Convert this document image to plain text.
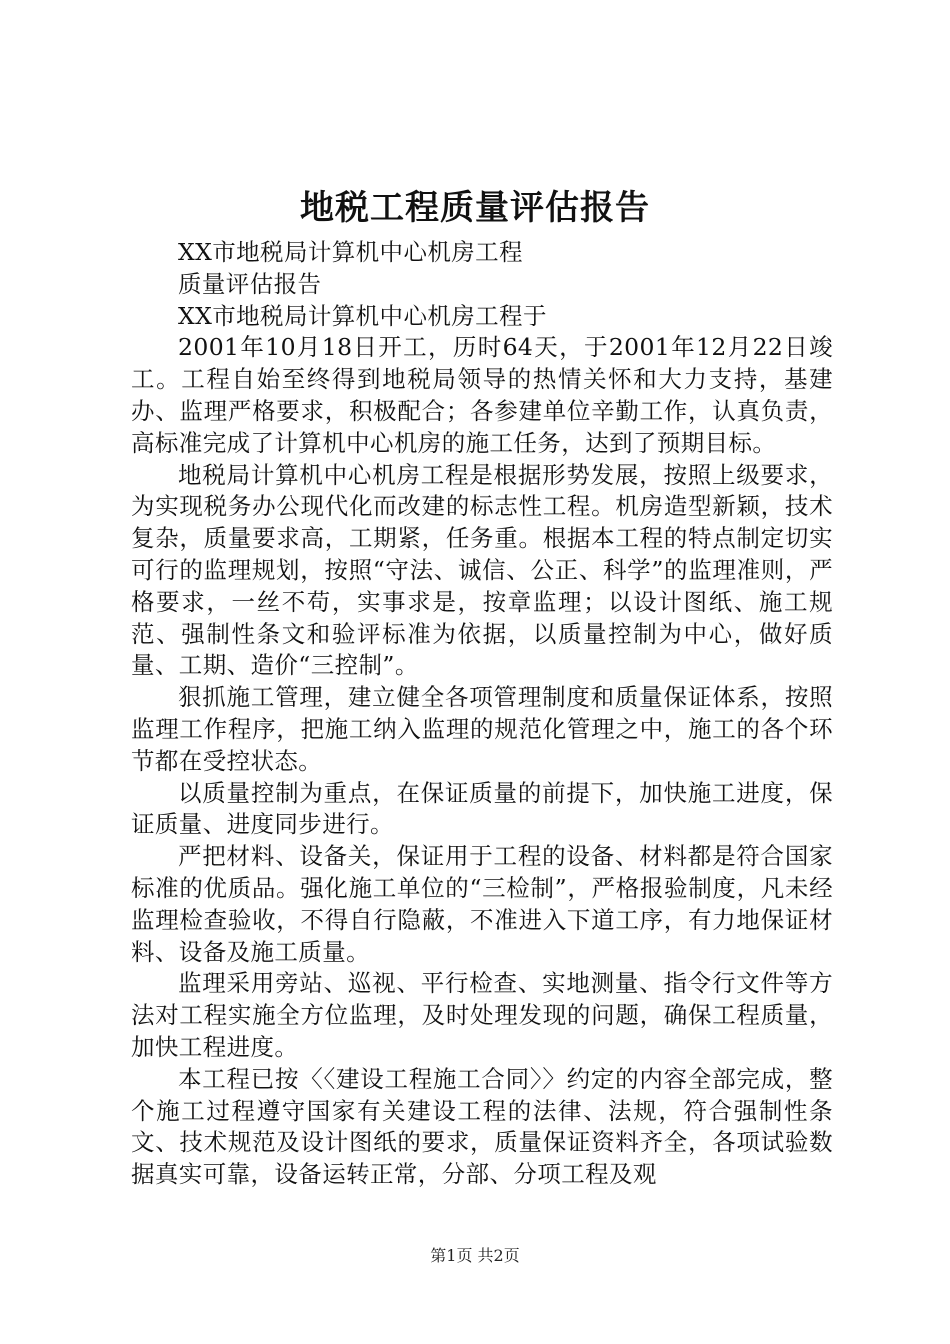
地税工程质量评估报告

XX市地税局计算机中心机房工程

质量评估报告

XX市地税局计算机中心机房工程于

2001年10月18日开工，历时64天，于2001年12月22日竣工。工程自始至终得到地税局领导的热情关怀和大力支持，基建办、监理严格要求，积极配合；各参建单位辛勤工作，认真负责，高标准完成了计算机中心机房的施工任务，达到了预期目标。

地税局计算机中心机房工程是根据形势发展，按照上级要求，为实现税务办公现代化而改建的标志性工程。机房造型新颖，技术复杂，质量要求高，工期紧，任务重。根据本工程的特点制定切实可行的监理规划，按照“守法、诚信、公正、科学”的监理准则，严格要求，一丝不苟，实事求是，按章监理；以设计图纸、施工规范、强制性条文和验评标准为依据，以质量控制为中心，做好质量、工期、造价“三控制”。

狠抓施工管理，建立健全各项管理制度和质量保证体系，按照监理工作程序，把施工纳入监理的规范化管理之中，施工的各个环节都在受控状态。

以质量控制为重点，在保证质量的前提下，加快施工进度，保证质量、进度同步进行。

严把材料、设备关，保证用于工程的设备、材料都是符合国家标准的优质品。强化施工单位的“三检制”，严格报验制度，凡未经监理检查验收，不得自行隐蔽，不准进入下道工序，有力地保证材料、设备及施工质量。

监理采用旁站、巡视、平行检查、实地测量、指令行文件等方法对工程实施全方位监理，及时处理发现的问题，确保工程质量，加快工程进度。

本工程已按〈〈建设工程施工合同〉〉约定的内容全部完成，整个施工过程遵守国家有关建设工程的法律、法规，符合强制性条文、技术规范及设计图纸的要求，质量保证资料齐全，各项试验数据真实可靠，设备运转正常，分部、分项工程及观

第1页 共2页
